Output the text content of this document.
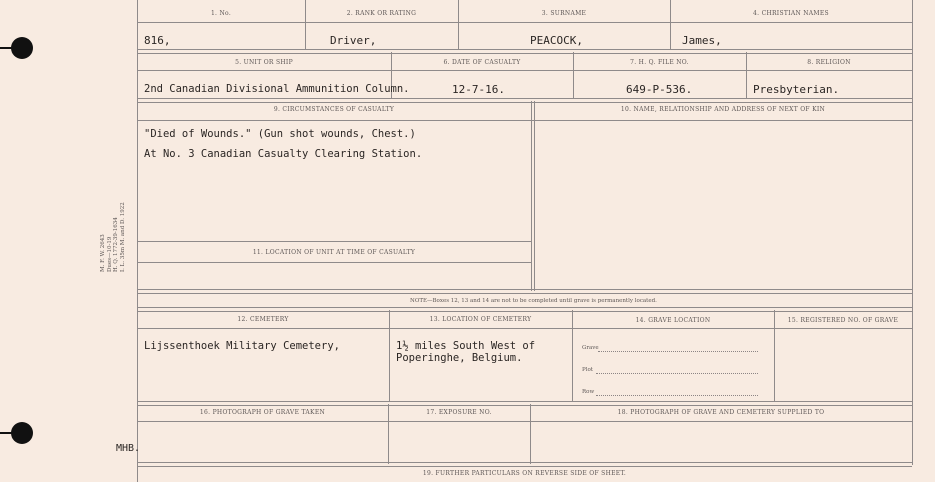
M. F. W. 2643 Dues—10-19 H. Q. 1772-39-1634 I. L. 35m M. and D. 1922
1. No.	2. RANK OR RATING	3. SURNAME	4. CHRISTIAN NAMES
816,	Driver,	PEACOCK,	James,
5. UNIT OR SHIP	6. DATE OF CASUALTY	7. H. Q. FILE NO.	8. RELIGION
2nd Canadian Divisional Ammunition Column.	12-7-16.	649-P-536.	Presbyterian.
9. CIRCUMSTANCES OF CASUALTY	10. NAME, RELATIONSHIP AND ADDRESS OF NEXT OF KIN
"Died of Wounds." (Gun shot wounds, Chest.)
At No. 3 Canadian Casualty Clearing Station.
11. LOCATION OF UNIT AT TIME OF CASUALTY
NOTE—Boxes 12, 13 and 14 are not to be completed until grave is permanently located.
12. CEMETERY	13. LOCATION OF CEMETERY	14. GRAVE LOCATION	15. REGISTERED NO. OF GRAVE
Lijssenthoek Military Cemetery,	1½ miles South West of
Poperinghe, Belgium.
Grave
Plot
Row
16. PHOTOGRAPH OF GRAVE TAKEN	17. EXPOSURE NO.	18. PHOTOGRAPH OF GRAVE AND CEMETERY SUPPLIED TO
MHB.
19. FURTHER PARTICULARS ON REVERSE SIDE OF SHEET.
